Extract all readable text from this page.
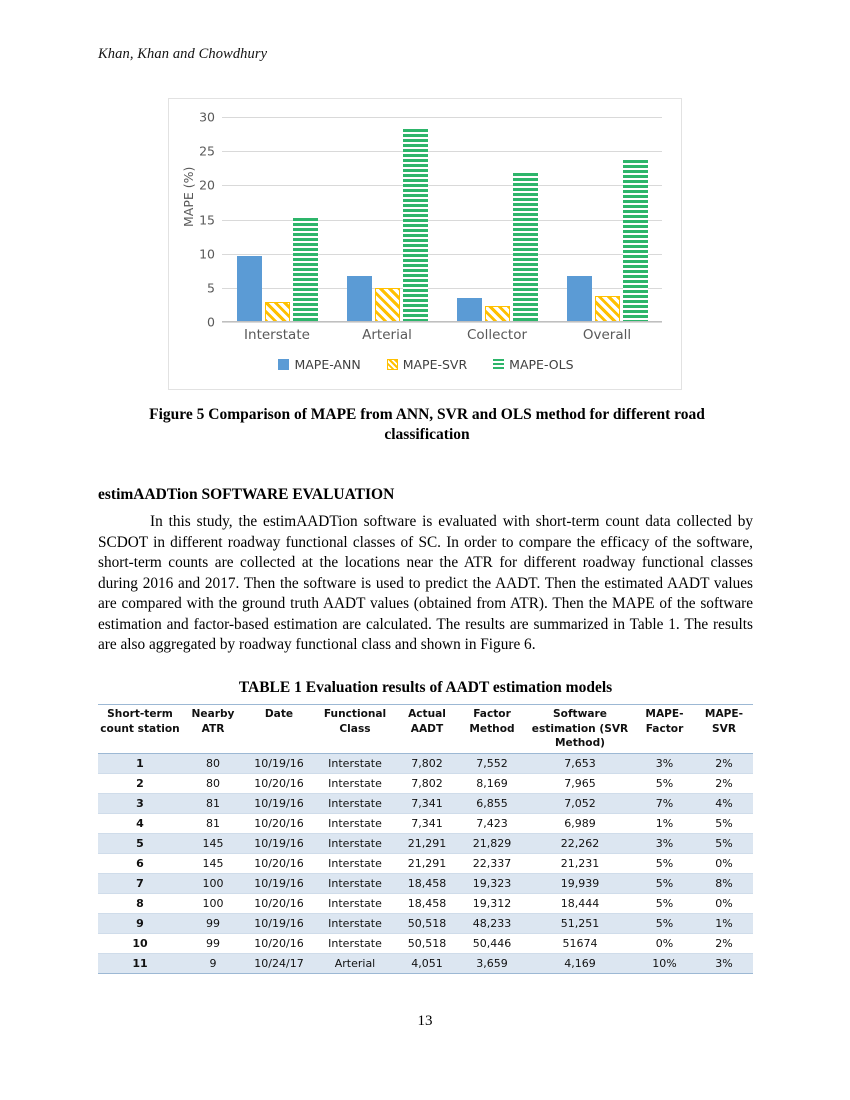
Khan, Khan and Chowdhury
MAPE (%)
0
5
10
15
20
25
30
Interstate	Arterial	Collector	Overall
MAPE-ANN	MAPE-SVR	MAPE-OLS
Figure 5 Comparison of MAPE from ANN, SVR and OLS method for different road classification
estimAADTion SOFTWARE EVALUATION
In this study, the estimAADTion software is evaluated with short-term count data collected by SCDOT in different roadway functional classes of SC. In order to compare the efficacy of the software, short-term counts are collected at the locations near the ATR for different roadway functional classes during 2016 and 2017. Then the software is used to predict the AADT. Then the estimated AADT values are compared with the ground truth AADT values (obtained from ATR). Then the MAPE of the software estimation and factor-based estimation are calculated. The results are summarized in Table 1. The results are also aggregated by roadway functional class and shown in Figure 6.
TABLE 1 Evaluation results of AADT estimation models
Short-term count station	Nearby ATR	Date	Functional Class	Actual AADT	Factor Method	Software estimation (SVR Method)	MAPE-Factor	MAPE-SVR
1	80	10/19/16	Interstate	7,802	7,552	7,653	3%	2%
2	80	10/20/16	Interstate	7,802	8,169	7,965	5%	2%
3	81	10/19/16	Interstate	7,341	6,855	7,052	7%	4%
4	81	10/20/16	Interstate	7,341	7,423	6,989	1%	5%
5	145	10/19/16	Interstate	21,291	21,829	22,262	3%	5%
6	145	10/20/16	Interstate	21,291	22,337	21,231	5%	0%
7	100	10/19/16	Interstate	18,458	19,323	19,939	5%	8%
8	100	10/20/16	Interstate	18,458	19,312	18,444	5%	0%
9	99	10/19/16	Interstate	50,518	48,233	51,251	5%	1%
10	99	10/20/16	Interstate	50,518	50,446	51674	0%	2%
11	9	10/24/17	Arterial	4,051	3,659	4,169	10%	3%
13
